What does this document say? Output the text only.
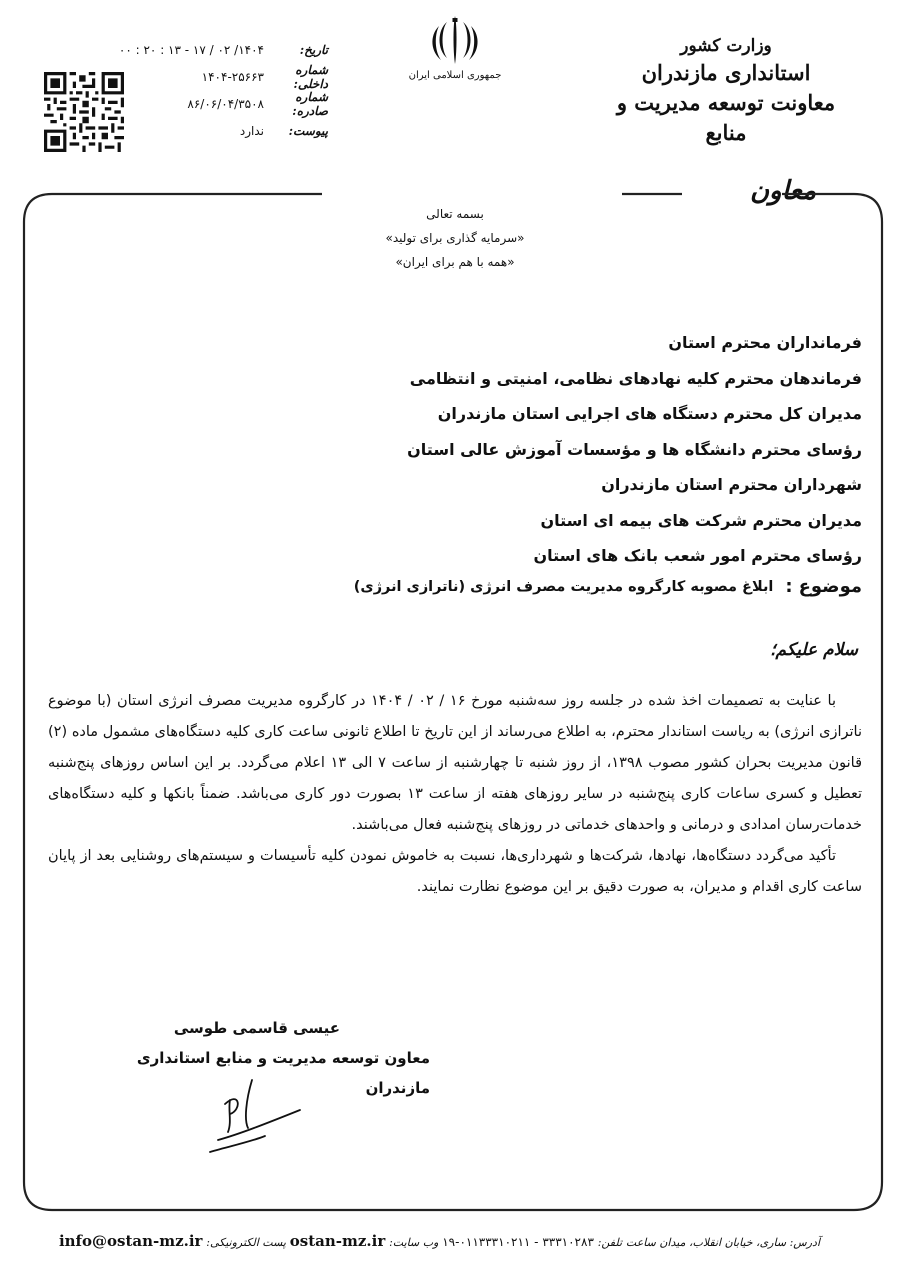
وزارت کشور
استانداری مازندران
معاونت توسعه مدیریت و منابع
جمهوری اسلامی ایران
تاریخ:
۱۴۰۴/ ۰۲ / ۱۷ - ۱۳ : ۲۰ : ۰۰
شماره داخلی:
۱۴۰۴-۲۵۶۶۳
شماره صادره:
۸۶/۰۶/۰۴/۳۵۰۸
پیوست:
ندارد
معاون
بسمه تعالی
«سرمایه گذاری برای تولید»
«همه با هم برای ایران»
فرمانداران محترم استان
فرماندهان محترم کلیه نهادهای نظامی، امنیتی و انتظامی
مدیران کل محترم دستگاه های اجرایی استان مازندران
رؤسای محترم دانشگاه ها و مؤسسات آموزش عالی استان
شهرداران محترم استان مازندران
مدیران محترم شرکت های بیمه ای استان
رؤسای محترم امور شعب بانک های استان
موضوع
:
ابلاغ مصوبه کارگروه مدیریت مصرف انرژی (ناترازی انرژی)
سلام علیکم؛

با عنایت به تصمیمات اخذ شده در جلسه روز سه‌شنبه مورخ ۱۶ / ۰۲ / ۱۴۰۴ در کارگروه مدیریت مصرف انرژی استان (با موضوع ناترازی انرژی) به ریاست استاندار محترم، به اطلاع می‌رساند از این تاریخ تا اطلاع ثانونی ساعت کاری کلیه دستگاه‌های مشمول ماده (۲) قانون مدیریت بحران کشور مصوب ۱۳۹۸، از روز شنبه تا چهارشنبه از ساعت ۷ الی ۱۳ اعلام می‌گردد. بر این اساس روزهای پنج‌شنبه تعطیل و کسری ساعات کاری پنج‌شنبه در سایر روزهای هفته از ساعت ۱۳ بصورت دور کاری می‌باشد. ضمناً بانکها و کلیه دستگاه‌های خدمات‌رسان امدادی و درمانی و واحدهای خدماتی در روزهای پنج‌شنبه فعال می‌باشند.

تأکید می‌گردد دستگاه‌ها، نهادها، شرکت‌ها و شهرداری‌ها، نسبت به خاموش نمودن کلیه تأسیسات و سیستم‌های روشنایی بعد از پایان ساعت کاری اقدام و مدیران، به صورت دقیق بر این موضوع نظارت نمایند.

عیسی قاسمی طوسی
معاون توسعه مدیریت و منابع استانداری مازندران
آدرس: ساری، خیابان انقلاب، میدان ساعت تلفن: ۳۳۳۱۰۲۸۳ - ۰۱۱۳۳۳۱۰۲۱۱-۱۹ وب سایت: ostan-mz.ir پست الکترونیکی: info@ostan-mz.ir
